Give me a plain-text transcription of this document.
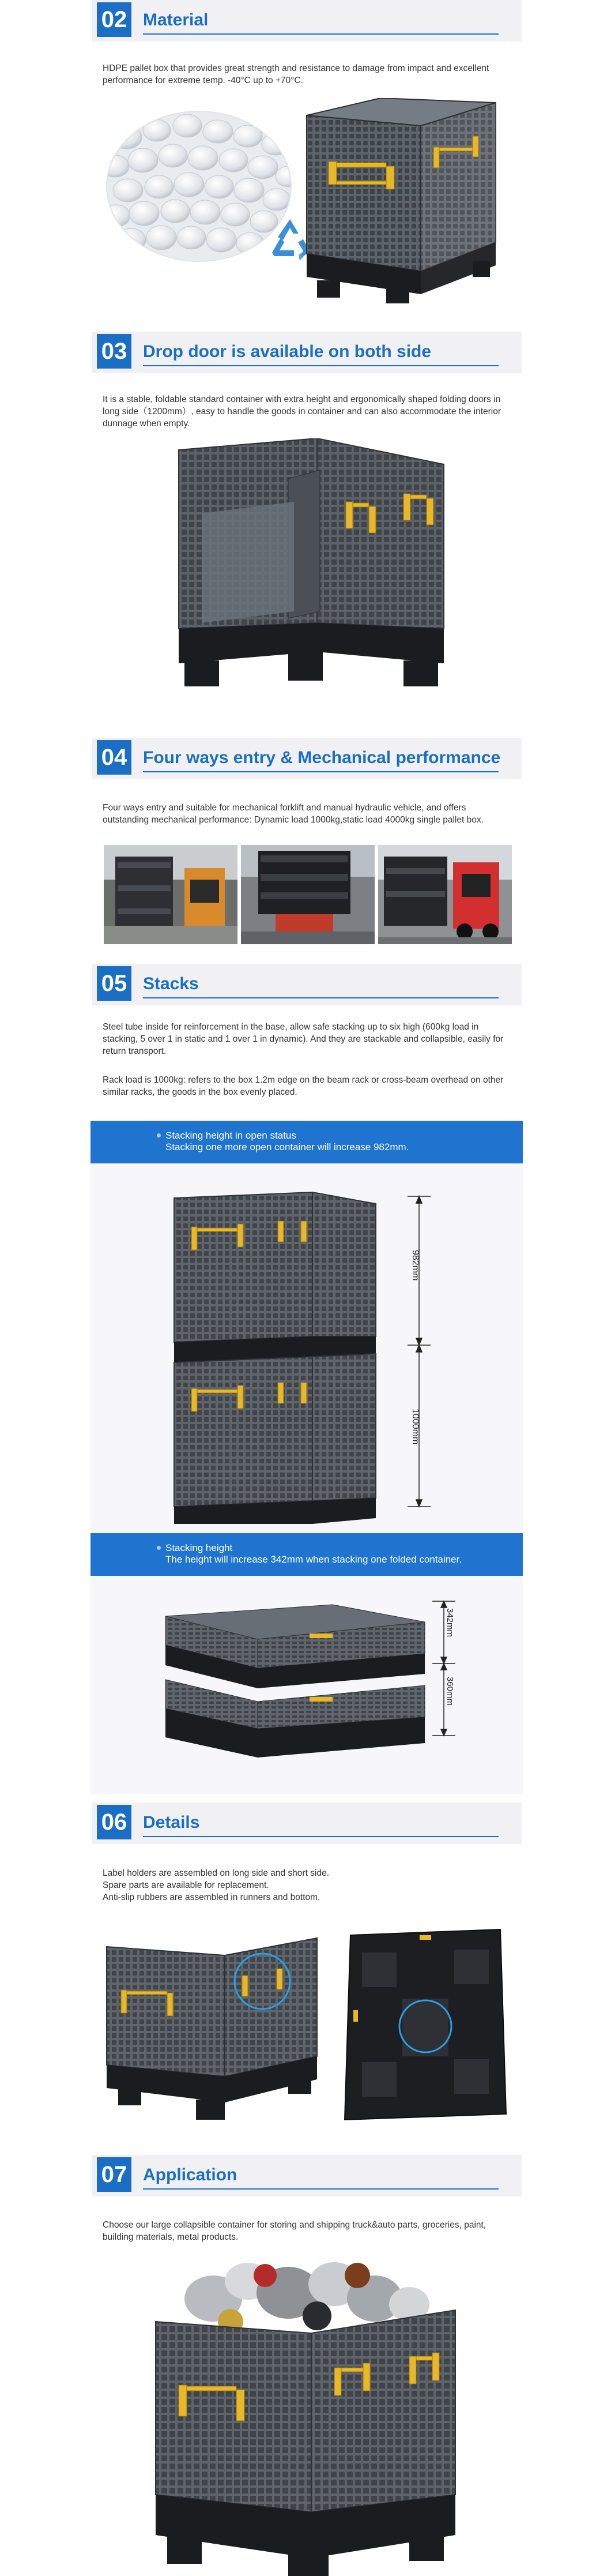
02 Material
HDPE pallet box that provides great strength and resistance to damage from impact and excellent performance for extreme temp. -40°C up to +70°C.
03 Drop door is available on both side
It is a stable, foldable standard container with extra height and ergonomically shaped folding doors in long side（1200mm）, easy to handle the goods in container and can also accommodate the interior dunnage when empty.
04 Four ways entry & Mechanical performance
Four ways entry and suitable for mechanical forklift and manual hydraulic vehicle, and offers outstanding mechanical performance: Dynamic load 1000kg,static load 4000kg single pallet box.
05 Stacks
Steel tube inside for reinforcement in the base, allow safe stacking up to six high (600kg load in stacking, 5 over 1 in static and 1 over 1 in dynamic). And they are stackable and collapsible, easily for return transport.
Rack load is 1000kg: refers to the box 1.2m edge on the beam rack or cross-beam overhead on other similar racks, the goods in the box evenly placed.
Stacking height in open status
Stacking one more open container will increase 982mm.
982mm
1000mm
Stacking height
The height will increase 342mm when stacking one folded container.
342mm
360mm
06 Details
Label holders are assembled on long side and short side.
Spare parts are available for replacement.
Anti-slip rubbers are assembled in runners and bottom.
07 Application
Choose our large collapsible container for storing and shipping truck&auto parts, groceries, paint, building materials, metal products.
